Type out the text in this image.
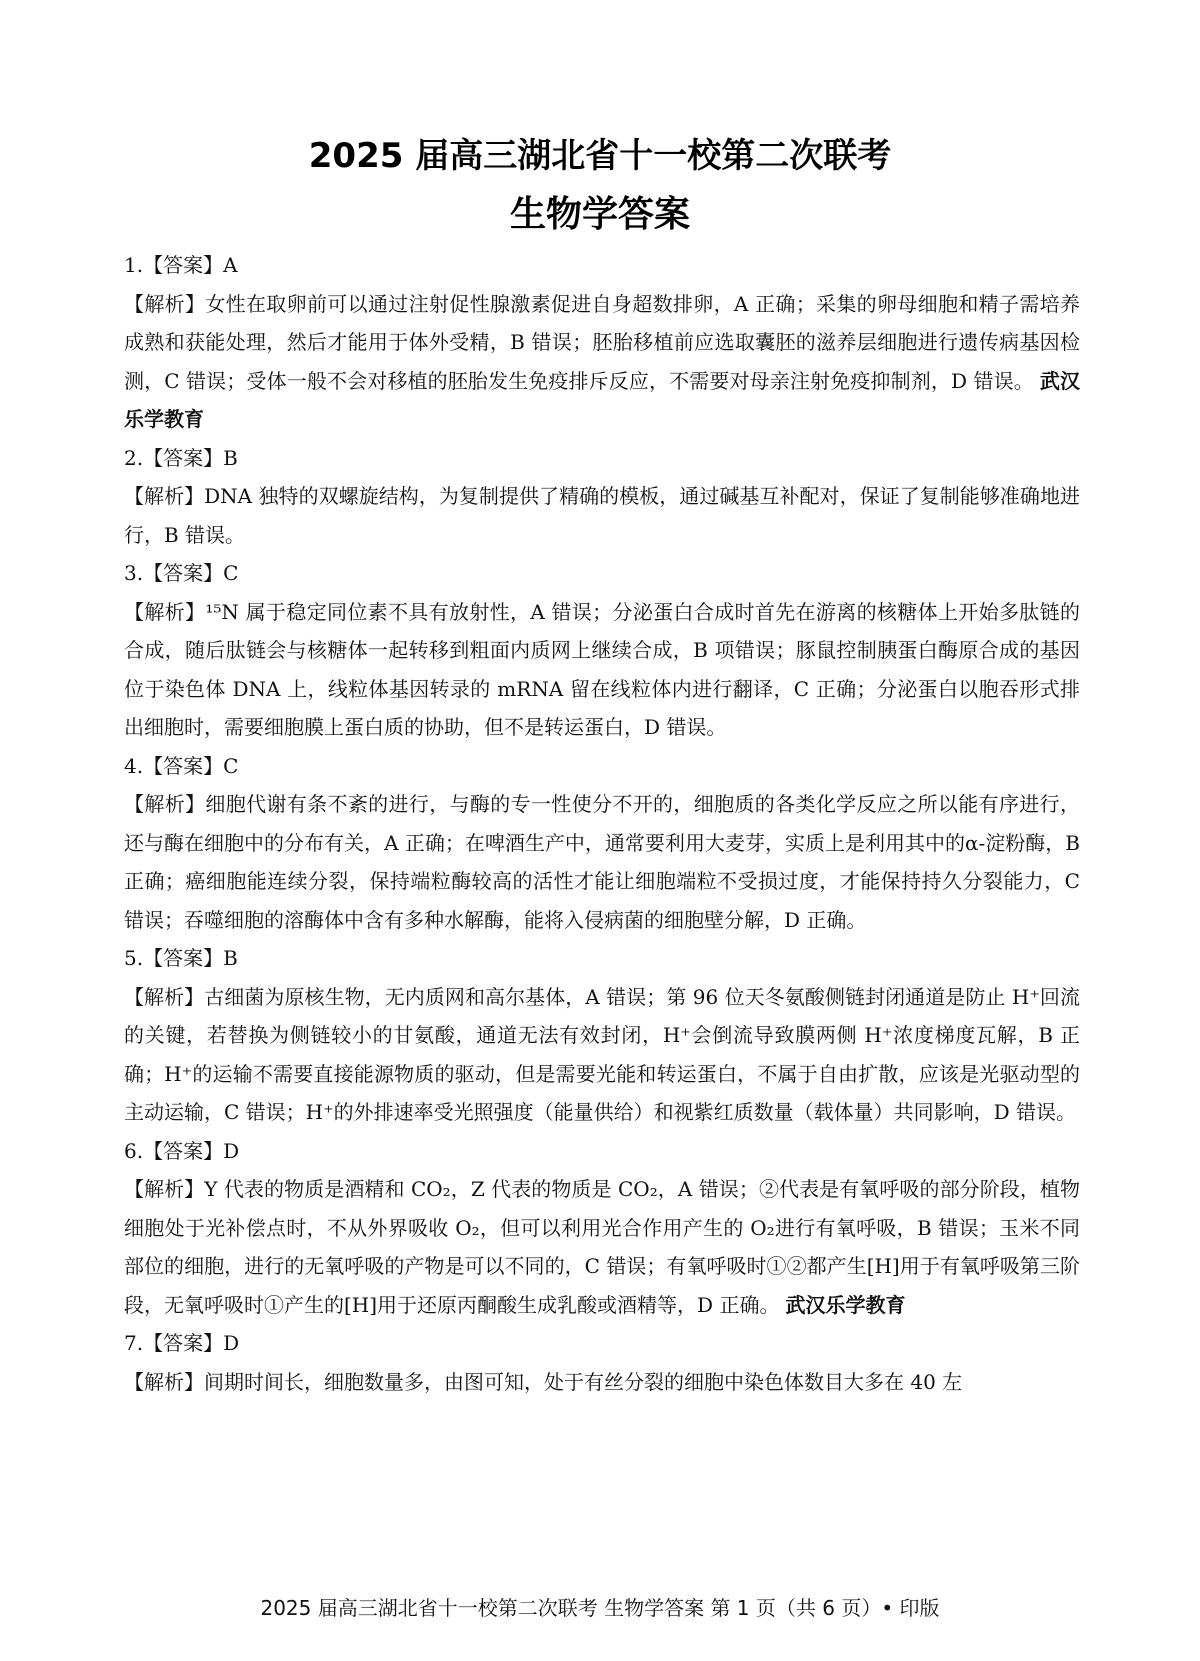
2025 届高三湖北省十一校第二次联考
生物学答案

1.【答案】A

【解析】女性在取卵前可以通过注射促性腺激素促进自身超数排卵，A 正确；采集的卵母细胞和精子需培养成熟和获能处理，然后才能用于体外受精，B 错误；胚胎移植前应选取囊胚的滋养层细胞进行遗传病基因检测，C 错误；受体一般不会对移植的胚胎发生免疫排斥反应，不需要对母亲注射免疫抑制剂，D 错误。 武汉乐学教育

2.【答案】B

【解析】DNA 独特的双螺旋结构，为复制提供了精确的模板，通过碱基互补配对，保证了复制能够准确地进行，B 错误。

3.【答案】C

【解析】¹⁵N 属于稳定同位素不具有放射性，A 错误；分泌蛋白合成时首先在游离的核糖体上开始多肽链的合成，随后肽链会与核糖体一起转移到粗面内质网上继续合成，B 项错误；豚鼠控制胰蛋白酶原合成的基因位于染色体 DNA 上，线粒体基因转录的 mRNA 留在线粒体内进行翻译，C 正确；分泌蛋白以胞吞形式排出细胞时，需要细胞膜上蛋白质的协助，但不是转运蛋白，D 错误。

4.【答案】C

【解析】细胞代谢有条不紊的进行，与酶的专一性使分不开的，细胞质的各类化学反应之所以能有序进行，还与酶在细胞中的分布有关，A 正确；在啤酒生产中，通常要利用大麦芽，实质上是利用其中的α-淀粉酶，B 正确；癌细胞能连续分裂，保持端粒酶较高的活性才能让细胞端粒不受损过度，才能保持持久分裂能力，C 错误；吞噬细胞的溶酶体中含有多种水解酶，能将入侵病菌的细胞壁分解，D 正确。

5.【答案】B

【解析】古细菌为原核生物，无内质网和高尔基体，A 错误；第 96 位天冬氨酸侧链封闭通道是防止 H⁺回流的关键，若替换为侧链较小的甘氨酸，通道无法有效封闭，H⁺会倒流导致膜两侧 H⁺浓度梯度瓦解，B 正确；H⁺的运输不需要直接能源物质的驱动，但是需要光能和转运蛋白，不属于自由扩散，应该是光驱动型的主动运输，C 错误；H⁺的外排速率受光照强度（能量供给）和视紫红质数量（载体量）共同影响，D 错误。

6.【答案】D

【解析】Y 代表的物质是酒精和 CO₂，Z 代表的物质是 CO₂，A 错误；②代表是有氧呼吸的部分阶段，植物细胞处于光补偿点时，不从外界吸收 O₂，但可以利用光合作用产生的 O₂进行有氧呼吸，B 错误；玉米不同部位的细胞，进行的无氧呼吸的产物是可以不同的，C 错误；有氧呼吸时①②都产生[H]用于有氧呼吸第三阶段，无氧呼吸时①产生的[H]用于还原丙酮酸生成乳酸或酒精等，D 正确。 武汉乐学教育

7.【答案】D

【解析】间期时间长，细胞数量多，由图可知，处于有丝分裂的细胞中染色体数目大多在 40 左

2025 届高三湖北省十一校第二次联考 生物学答案 第 1 页（共 6 页）• 印版
